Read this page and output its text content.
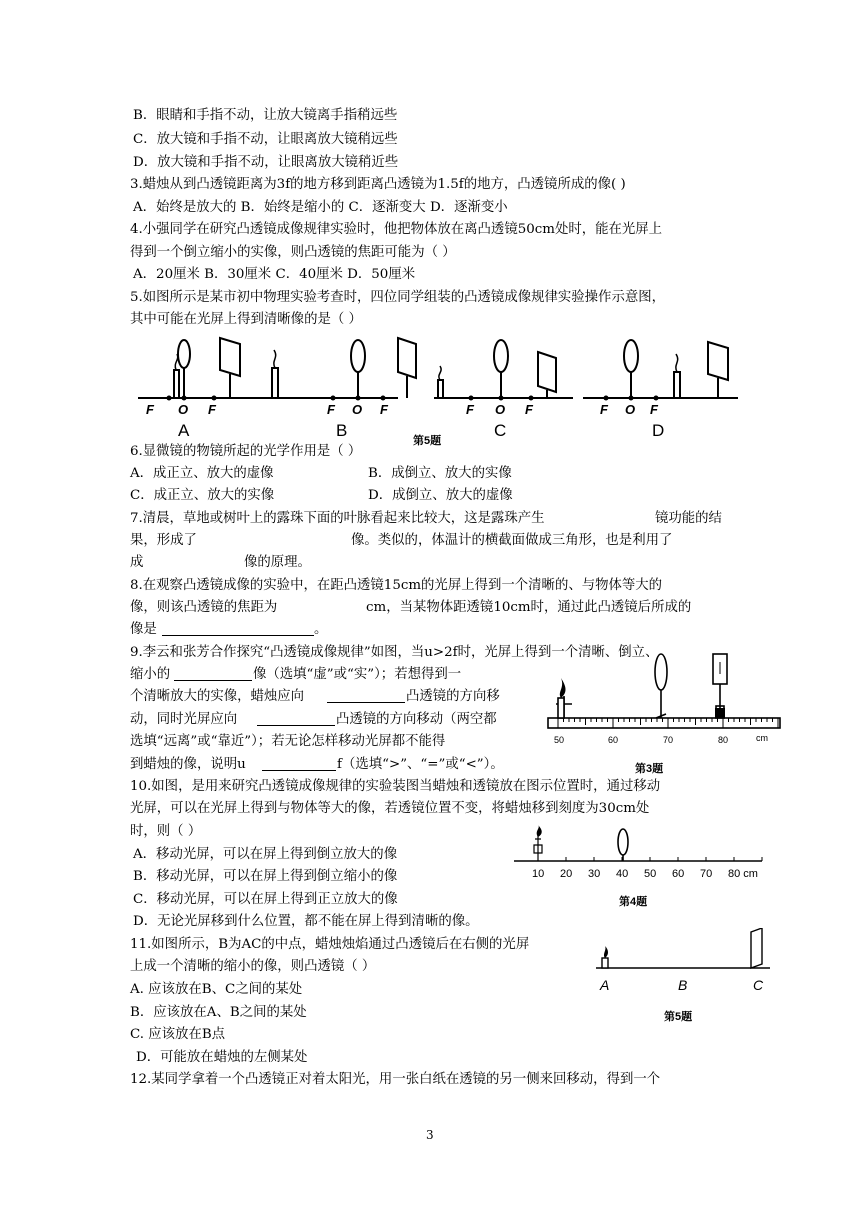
B．眼睛和手指不动，让放大镜离手指稍远些
C．放大镜和手指不动，让眼离放大镜稍远些
D．放大镜和手指不动，让眼离放大镜稍近些
3.蜡烛从到凸透镜距离为3f的地方移到距离凸透镜为1.5f的地方，凸透镜所成的像( )
A．始终是放大的 B．始终是缩小的 C．逐渐变大 D．逐渐变小
4.小强同学在研究凸透镜成像规律实验时，他把物体放在离凸透镜50cm处时，能在光屏上
得到一个倒立缩小的实像，则凸透镜的焦距可能为（ ）
A．20厘米 B．30厘米 C．40厘米 D．50厘米
5.如图所示是某市初中物理实验考查时，四位同学组装的凸透镜成像规律实验操作示意图，
其中可能在光屏上得到清晰像的是（ ）
F O F	F O F	F O F	F O F
A	B	C	D
第5题
6.显微镜的物镜所起的光学作用是（ ）
A．成正立、放大的虚像	B．成倒立、放大的实像
C．成正立、放大的实像	D．成倒立、放大的虚像
7.清晨，草地或树叶上的露珠下面的叶脉看起来比较大，这是露珠产生	镜功能的结
果，形成了	像。类似的，体温计的横截面做成三角形，也是利用了
成	像的原理。
8.在观察凸透镜成像的实验中，在距凸透镜15cm的光屏上得到一个清晰的、与物体等大的
像，则该凸透镜的焦距为	cm，当某物体距透镜10cm时，通过此凸透镜后所成的
像是	。
9.李云和张芳合作探究“凸透镜成像规律”如图，当u>2f时，光屏上得到一个清晰、倒立、
缩小的	像（选填“虚”或“实”）；若想得到一
个清晰放大的实像，蜡烛应向	凸透镜的方向移
动，同时光屏应向	凸透镜的方向移动（两空都
选填“远离”或“靠近”）；若无论怎样移动光屏都不能得
到蜡烛的像，说明u	f（选填“>”、“=”或“<”）。
50	60	70	80	cm
第3题
10.如图，是用来研究凸透镜成像规律的实验装图当蜡烛和透镜放在图示位置时，通过移动
光屏，可以在光屏上得到与物体等大的像，若透镜位置不变，将蜡烛移到刻度为30cm处
时，则（ ）
A．移动光屏，可以在屏上得到倒立放大的像
B．移动光屏，可以在屏上得到倒立缩小的像
C．移动光屏，可以在屏上得到正立放大的像
D．无论光屏移到什么位置，都不能在屏上得到清晰的像。
10 20 30 40 50 60 70 80 cm
第4题
11.如图所示，B为AC的中点，蜡烛烛焰通过凸透镜后在右侧的光屏
上成一个清晰的缩小的像，则凸透镜（ ）
A. 应该放在B、C之间的某处
B．应该放在A、B之间的某处
C. 应该放在B点
D．可能放在蜡烛的左侧某处
12.某同学拿着一个凸透镜正对着太阳光，用一张白纸在透镜的另一侧来回移动，得到一个
A	B	C
第5题
3
